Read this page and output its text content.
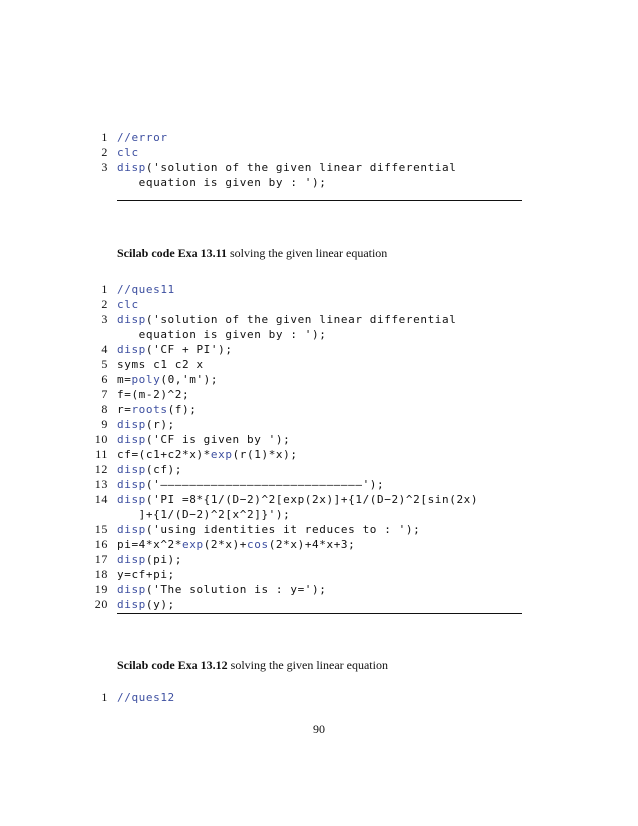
1 //error
2 clc
3 disp('solution of the given linear differential
equation is given by : ');
Scilab code Exa 13.11 solving the given linear equation
1 //ques11
2 clc
3 disp('solution of the given linear differential
equation is given by : ');
4 disp('CF + PI');
5 syms c1 c2 x
6 m=poly(0,'m');
7 f=(m-2)^2;
8 r=roots(f);
9 disp(r);
10 disp('CF is given by ');
11 cf=(c1+c2*x)*exp(r(1)*x);
12 disp(cf);
13 disp('————————————————————————————');
14 disp('PI =8*{1/(D−2)^2[exp(2x)]+{1/(D−2)^2[sin(2x)
]+{1/(D−2)^2[x^2]}');
15 disp('using identities it reduces to : ');
16 pi=4*x^2*exp(2*x)+cos(2*x)+4*x+3;
17 disp(pi);
18 y=cf+pi;
19 disp('The solution is : y=');
20 disp(y);
Scilab code Exa 13.12 solving the given linear equation
1 //ques12
90
